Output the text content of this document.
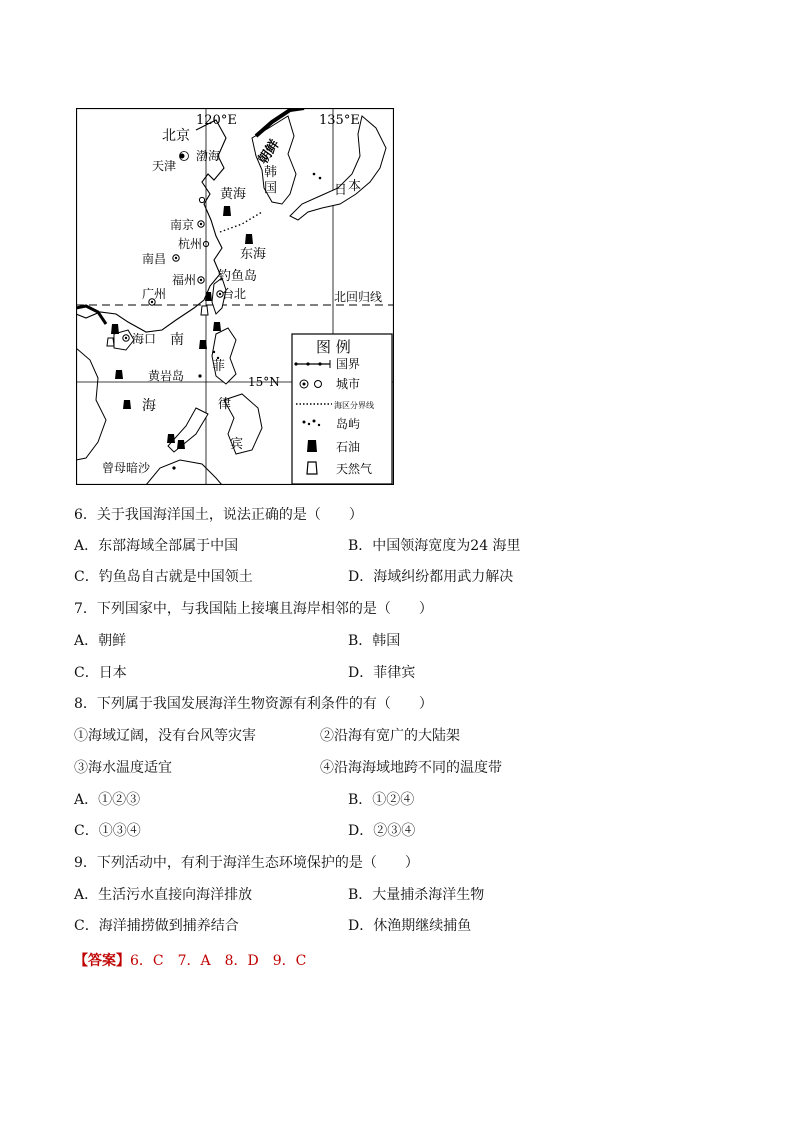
120°E	135°E
15°N
北回归线
北京
天津
渤海	朝鲜
韩
国	日 本
黄海
南京
杭州
东海
南昌
福州 钓鱼岛
台北
广州
海口 南
海
黄岩岛
菲
律
宾
曾母暗沙
图 例
国界
城市
海区分界线
岛屿
石油
天然气
6．关于我国海洋国土，说法正确的是（　　）
A．东部海域全部属于中国	B．中国领海宽度为24 海里
C．钓鱼岛自古就是中国领土	D．海域纠纷都用武力解决
7．下列国家中，与我国陆上接壤且海岸相邻的是（　　）
A．朝鲜	B．韩国
C．日本	D．菲律宾
8．下列属于我国发展海洋生物资源有利条件的有（　　）
①海域辽阔，没有台风等灾害	②沿海有宽广的大陆架
③海水温度适宜	④沿海海域地跨不同的温度带
A．①②③	B．①②④
C．①③④	D．②③④
9．下列活动中，有利于海洋生态环境保护的是（　　）
A．生活污水直接向海洋排放	B．大量捕杀海洋生物
C．海洋捕捞做到捕养结合	D．休渔期继续捕鱼
【答案】6．C　7．A　8．D　9．C
